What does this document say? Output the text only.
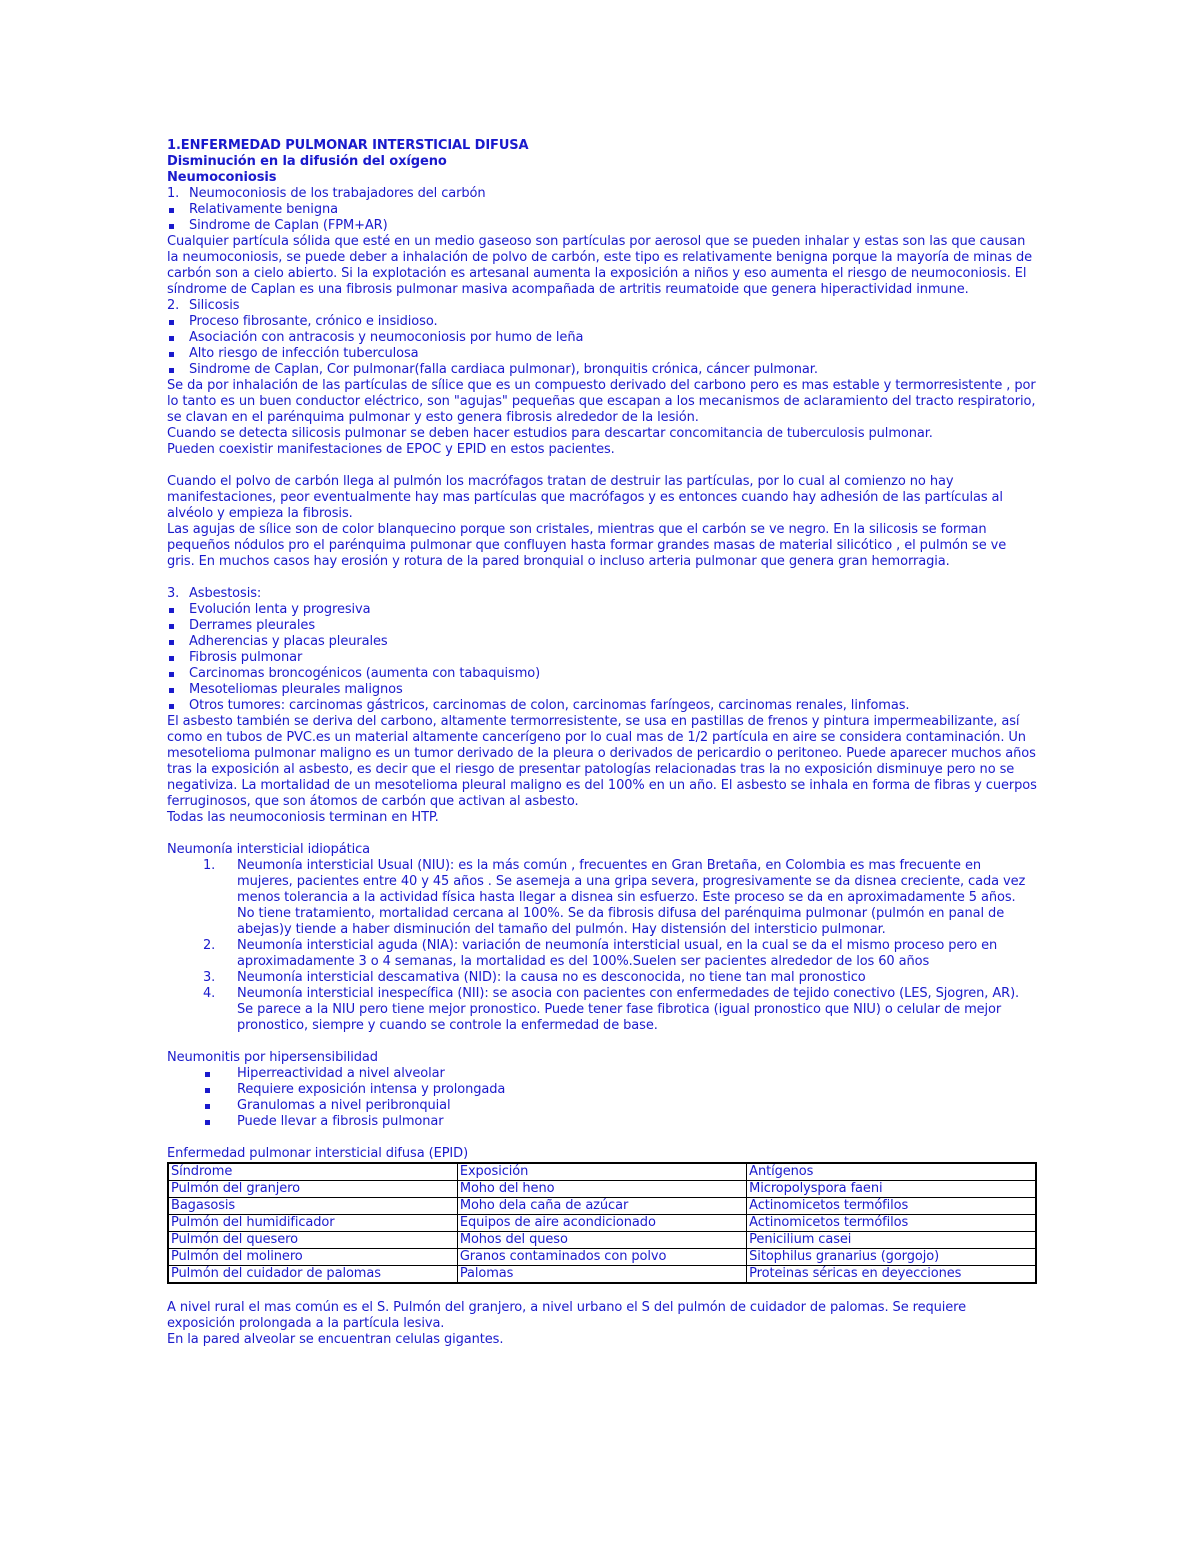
1.ENFERMEDAD PULMONAR INTERSTICIAL DIFUSA

Disminución en la difusión del oxígeno

Neumoconiosis

1. Neumoconiosis de los trabajadores del carbón
Relativamente benigna
Sindrome de Caplan (FPM+AR)

Cualquier partícula sólida que esté en un medio gaseoso son partículas por aerosol que se pueden inhalar y estas son las que causan la neumoconiosis, se puede deber a inhalación de polvo de carbón, este tipo es relativamente benigna porque la mayoría de minas de carbón son a cielo abierto. Si la explotación es artesanal aumenta la exposición a niños y eso aumenta el riesgo de neumoconiosis. El síndrome de Caplan es una fibrosis pulmonar masiva acompañada de artritis reumatoide que genera hiperactividad inmune.

2. Silicosis
Proceso fibrosante, crónico e insidioso.
Asociación con antracosis y neumoconiosis por humo de leña
Alto riesgo de infección tuberculosa
Sindrome de Caplan, Cor pulmonar(falla cardiaca pulmonar), bronquitis crónica, cáncer pulmonar.

Se da por inhalación de las partículas de sílice que es un compuesto derivado del carbono pero es mas estable y termorresistente , por lo tanto es un buen conductor eléctrico, son "agujas" pequeñas que escapan a los mecanismos de aclaramiento del tracto respiratorio, se clavan en el parénquima pulmonar y esto genera fibrosis alrededor de la lesión.

Cuando se detecta silicosis pulmonar se deben hacer estudios para descartar concomitancia de tuberculosis pulmonar.

Pueden coexistir manifestaciones de EPOC y EPID en estos pacientes.

Cuando el polvo de carbón llega al pulmón los macrófagos tratan de destruir las partículas, por lo cual al comienzo no hay manifestaciones, peor eventualmente hay mas partículas que macrófagos y es entonces cuando hay adhesión de las partículas al alvéolo y empieza la fibrosis.

Las agujas de sílice son de color blanquecino porque son cristales, mientras que el carbón se ve negro. En la silicosis se forman pequeños nódulos pro el parénquima pulmonar que confluyen hasta formar grandes masas de material silicótico , el pulmón se ve gris. En muchos casos hay erosión y rotura de la pared bronquial o incluso arteria pulmonar que genera gran hemorragia.

3. Asbestosis:
Evolución lenta y progresiva
Derrames pleurales
Adherencias y placas pleurales
Fibrosis pulmonar
Carcinomas broncogénicos (aumenta con tabaquismo)
Mesoteliomas pleurales malignos
Otros tumores: carcinomas gástricos, carcinomas de colon, carcinomas faríngeos, carcinomas renales, linfomas.

El asbesto también se deriva del carbono, altamente termorresistente, se usa en pastillas de frenos y pintura impermeabilizante, así como en tubos de PVC.es un material altamente cancerígeno por lo cual mas de 1/2 partícula en aire se considera contaminación. Un mesotelioma pulmonar maligno es un tumor derivado de la pleura o derivados de pericardio o peritoneo. Puede aparecer muchos años tras la exposición al asbesto, es decir que el riesgo de presentar patologías relacionadas tras la no exposición disminuye pero no se negativiza. La mortalidad de un mesotelioma pleural maligno es del 100% en un año. El asbesto se inhala en forma de fibras y cuerpos ferruginosos, que son átomos de carbón que activan al asbesto.

Todas las neumoconiosis terminan en HTP.

Neumonía intersticial idiopática

1. Neumonía intersticial Usual (NIU): es la más común , frecuentes en Gran Bretaña, en Colombia es mas frecuente en mujeres, pacientes entre 40 y 45 años . Se asemeja a una gripa severa, progresivamente se da disnea creciente, cada vez menos tolerancia a la actividad física hasta llegar a disnea sin esfuerzo. Este proceso se da en aproximadamente 5 años. No tiene tratamiento, mortalidad cercana al 100%. Se da fibrosis difusa del parénquima pulmonar (pulmón en panal de abejas)y tiende a haber disminución del tamaño del pulmón. Hay distensión del intersticio pulmonar.
2. Neumonía intersticial aguda (NIA): variación de neumonía intersticial usual, en la cual se da el mismo proceso pero en aproximadamente 3 o 4 semanas, la mortalidad es del 100%.Suelen ser pacientes alrededor de los 60 años
3. Neumonía intersticial descamativa (NID): la causa no es desconocida, no tiene tan mal pronostico
4. Neumonía intersticial inespecífica (NII): se asocia con pacientes con enfermedades de tejido conectivo (LES, Sjogren, AR). Se parece a la NIU pero tiene mejor pronostico. Puede tener fase fibrotica (igual pronostico que NIU) o celular de mejor pronostico, siempre y cuando se controle la enfermedad de base.

Neumonitis por hipersensibilidad

Hiperreactividad a nivel alveolar
Requiere exposición intensa y prolongada
Granulomas a nivel peribronquial
Puede llevar a fibrosis pulmonar

Enfermedad pulmonar intersticial difusa (EPID)

Síndrome	Exposición	Antígenos
Pulmón del granjero	Moho del heno	Micropolyspora faeni
Bagasosis	Moho dela caña de azúcar	Actinomicetos termófilos
Pulmón del humidificador	Equipos de aire acondicionado	Actinomicetos termófilos
Pulmón del quesero	Mohos del queso	Penicilium casei
Pulmón del molinero	Granos contaminados con polvo	Sitophilus granarius (gorgojo)
Pulmón del cuidador de palomas	Palomas	Proteinas séricas en deyecciones

A nivel rural el mas común es el S. Pulmón del granjero, a nivel urbano el S del pulmón de cuidador de palomas. Se requiere exposición prolongada a la partícula lesiva.

En la pared alveolar se encuentran celulas gigantes.
